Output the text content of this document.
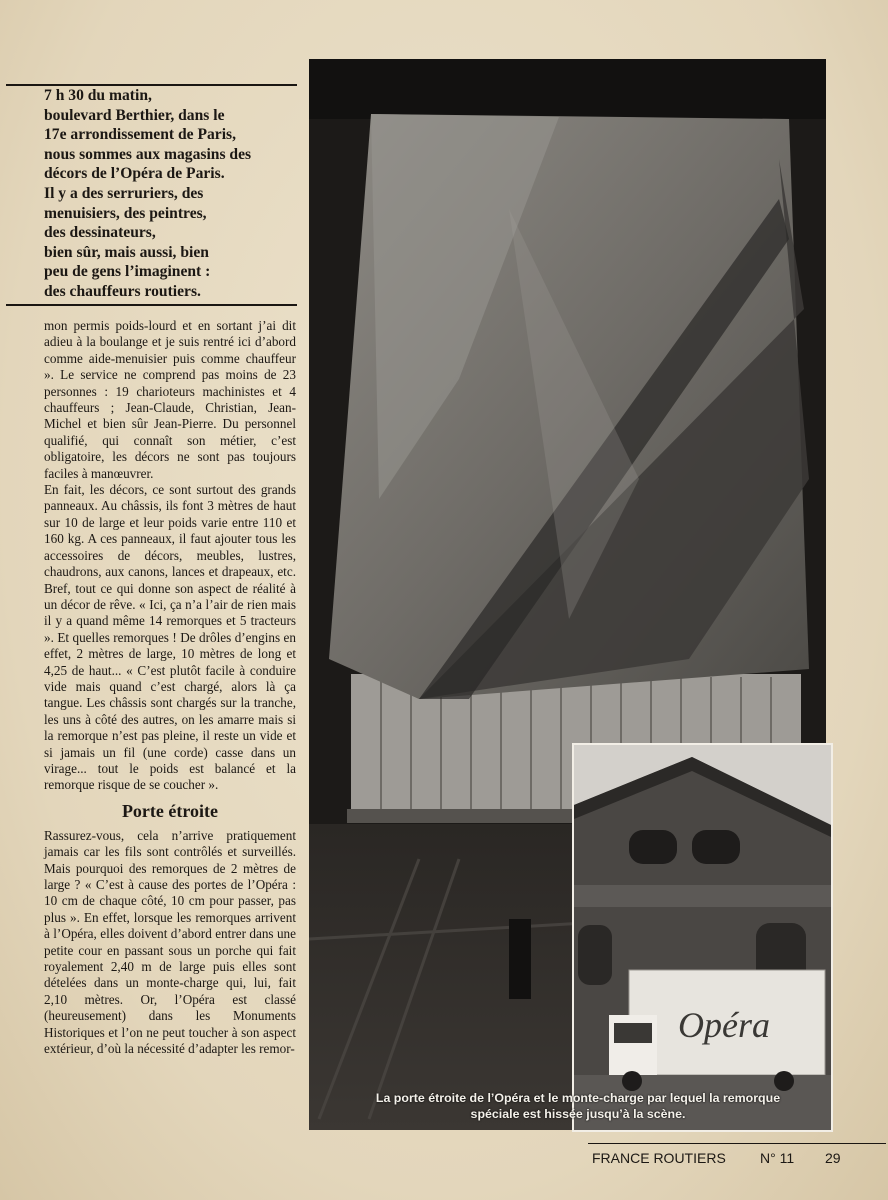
7 h 30 du matin,
boulevard Berthier, dans le
17e arrondissement de Paris,
nous sommes aux magasins des
décors de l’Opéra de Paris.
Il y a des serruriers, des
menuisiers, des peintres,
des dessinateurs,
bien sûr, mais aussi, bien
peu de gens l’imaginent :
des chauffeurs routiers.

mon permis poids-lourd et en sortant j’ai dit adieu à la boulange et je suis rentré ici d’abord comme aide-menuisier puis comme chauffeur ». Le service ne comprend pas moins de 23 personnes : 19 charioteurs machinistes et 4 chauffeurs ; Jean-Claude, Christian, Jean-Michel et bien sûr Jean-Pierre. Du personnel qualifié, qui connaît son métier, c’est obligatoire, les décors ne sont pas toujours faciles à manœuvrer.

En fait, les décors, ce sont surtout des grands panneaux. Au châssis, ils font 3 mètres de haut sur 10 de large et leur poids varie entre 110 et 160 kg. A ces panneaux, il faut ajouter tous les accessoires de décors, meubles, lustres, chaudrons, aux canons, lances et drapeaux, etc. Bref, tout ce qui donne son aspect de réalité à un décor de rêve. « Ici, ça n’a l’air de rien mais il y a quand même 14 remorques et 5 tracteurs ». Et quelles remorques ! De drôles d’engins en effet, 2 mètres de large, 10 mètres de long et 4,25 de haut... « C’est plutôt facile à conduire vide mais quand c’est chargé, alors là ça tangue. Les châssis sont chargés sur la tranche, les uns à côté des autres, on les amarre mais si la remorque n’est pas pleine, il reste un vide et si jamais un fil (une corde) casse dans un virage... tout le poids est balancé et la remorque risque de se coucher ».

Porte étroite

Rassurez-vous, cela n’arrive pratiquement jamais car les fils sont contrôlés et surveillés. Mais pourquoi des remorques de 2 mètres de large ? « C’est à cause des portes de l’Opéra : 10 cm de chaque côté, 10 cm pour passer, pas plus ». En effet, lorsque les remorques arrivent à l’Opéra, elles doivent d’abord entrer dans une petite cour en passant sous un porche qui fait royalement 2,40 m de large puis elles sont dételées dans un monte-charge qui, lui, fait 2,10 mètres. Or, l’Opéra est classé (heureusement) dans les Monuments Historiques et l’on ne peut toucher à son aspect extérieur, d’où la nécessité d’adapter les remor-

Opéra
La porte étroite de l’Opéra et le monte-charge par lequel la remorque
spéciale est hissée jusqu’à la scène.
FRANCE ROUTIERS N° 11 29
